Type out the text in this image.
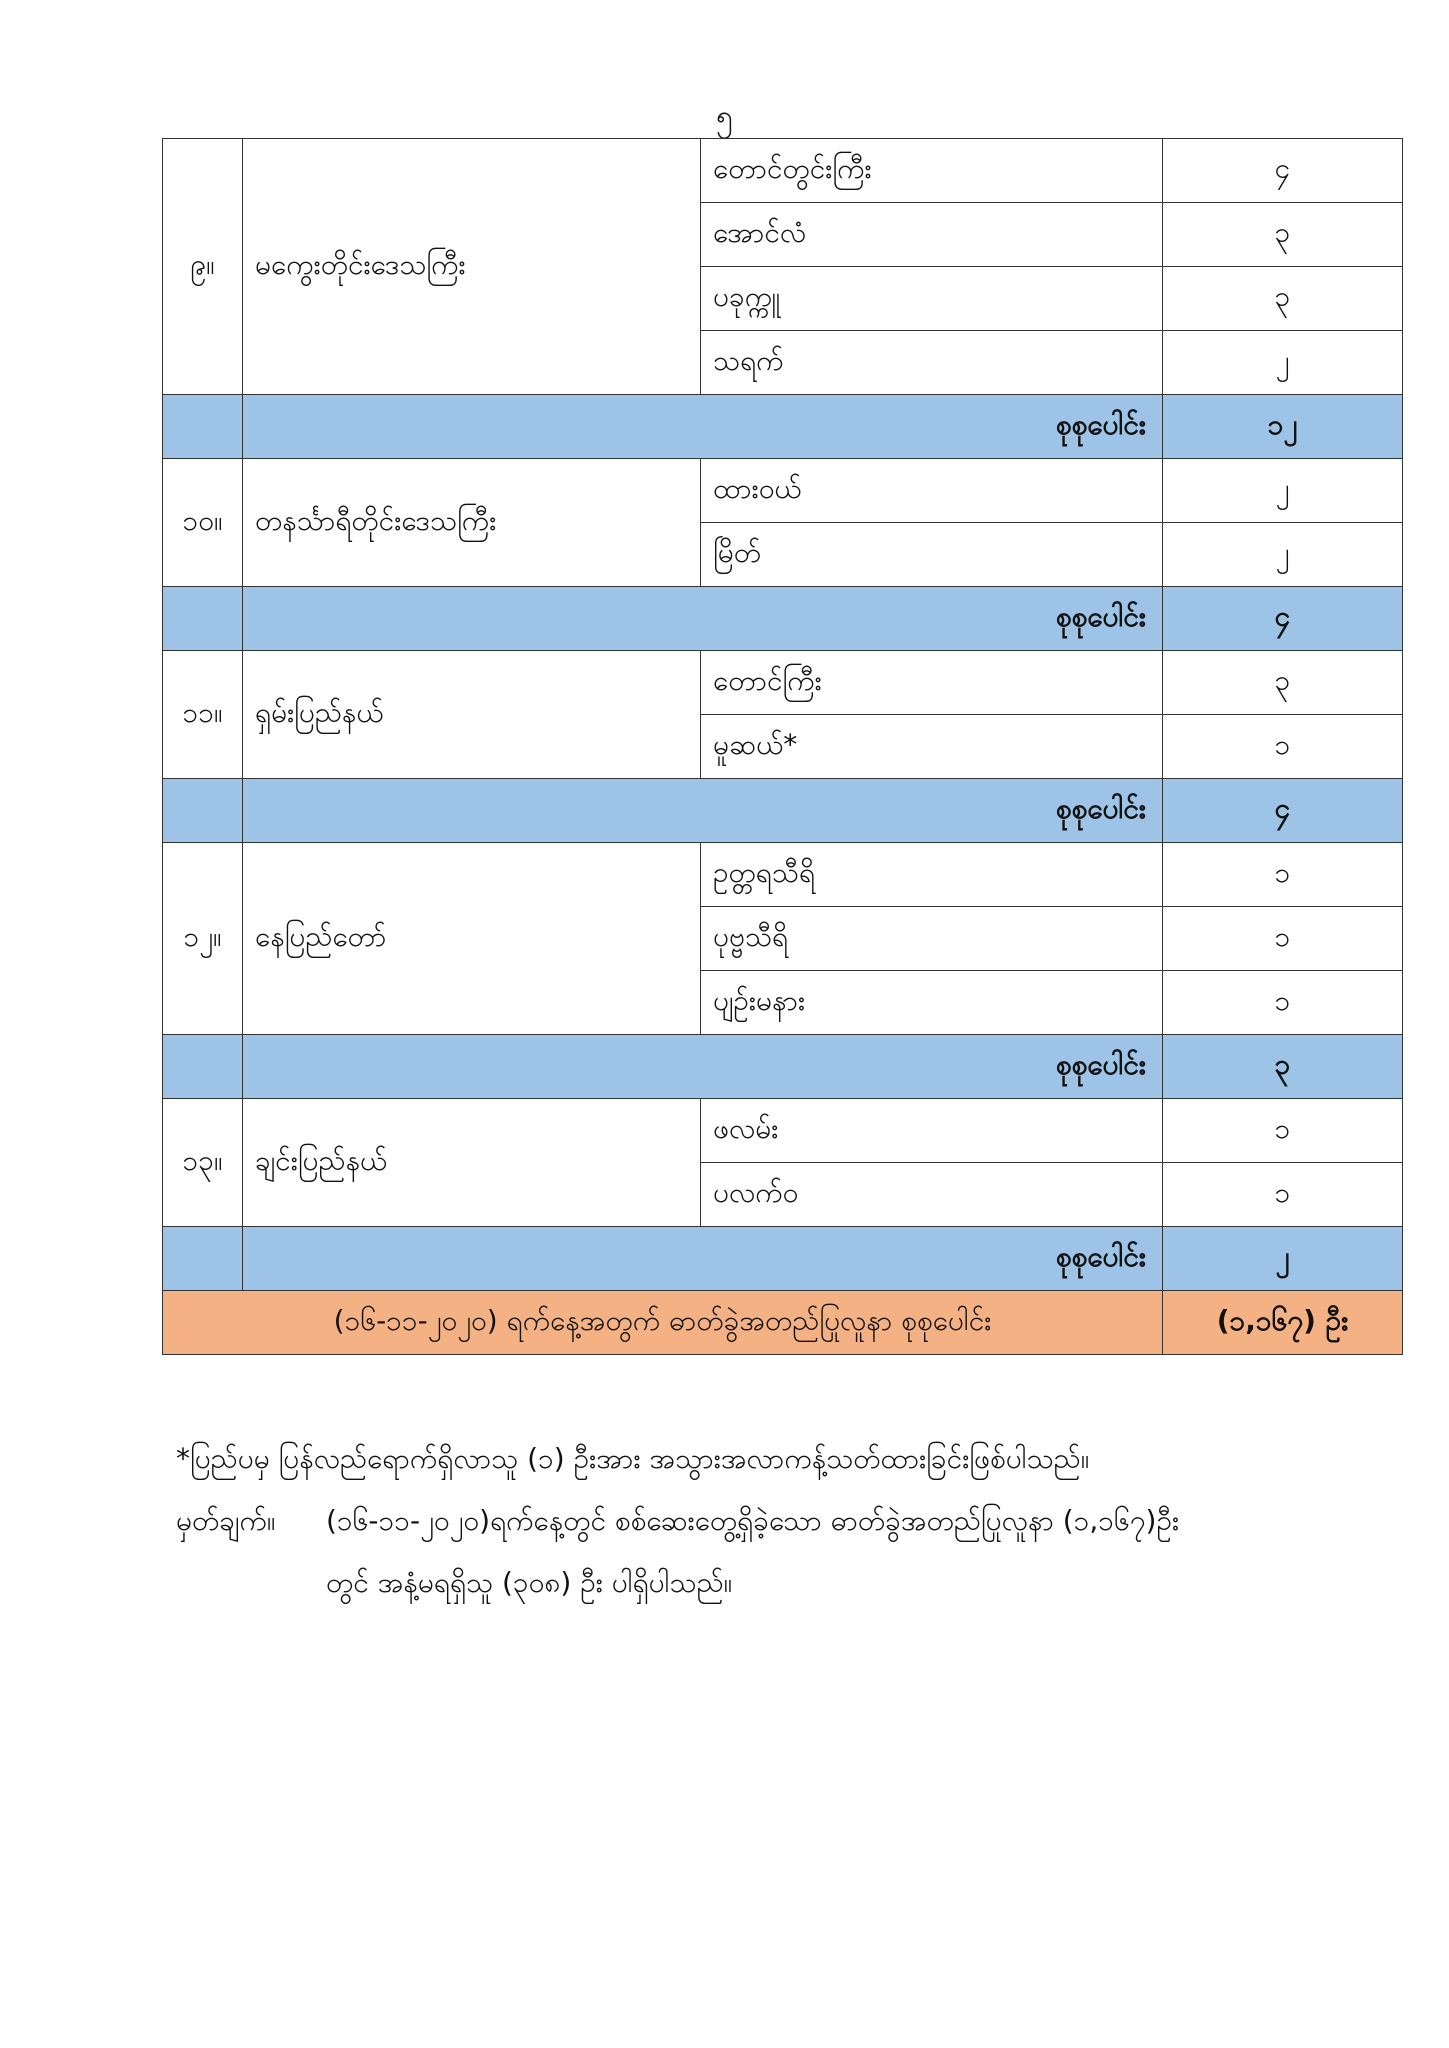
၅
၉။	မကွေးတိုင်းဒေသကြီး	တောင်တွင်းကြီး	၄
		အောင်လံ	၃
		ပခုက္ကူ	၃
		သရက်	၂
	စုစုပေါင်း		၁၂
၁၀။	တနင်္သာရီတိုင်းဒေသကြီး	ထားဝယ်	၂
		မြိတ်	၂
	စုစုပေါင်း		၄
၁၁။	ရှမ်းပြည်နယ်	တောင်ကြီး	၃
		မူဆယ်*	၁
	စုစုပေါင်း		၄
၁၂။	နေပြည်တော်	ဥတ္တရသီရိ	၁
		ပုဗ္ဗသီရိ	၁
		ပျဉ်းမနား	၁
	စုစုပေါင်း		၃
၁၃။	ချင်းပြည်နယ်	ဖလမ်း	၁
		ပလက်ဝ	၁
	စုစုပေါင်း		၂
(၁၆-၁၁-၂၀၂၀) ရက်နေ့အတွက် ဓာတ်ခွဲအတည်ပြုလူနာ စုစုပေါင်း			(၁,၁၆၇) ဦး
*ပြည်ပမှ ပြန်လည်ရောက်ရှိလာသူ (၁) ဦးအား အသွားအလာကန့်သတ်ထားခြင်းဖြစ်ပါသည်။
မှတ်ချက်။	(၁၆-၁၁-၂၀၂၀)ရက်နေ့တွင် စစ်ဆေးတွေ့ရှိခဲ့သော ဓာတ်ခွဲအတည်ပြုလူနာ (၁,၁၆၇)ဦး
တွင် အနံ့မရရှိသူ (၃၀၈) ဦး ပါရှိပါသည်။
